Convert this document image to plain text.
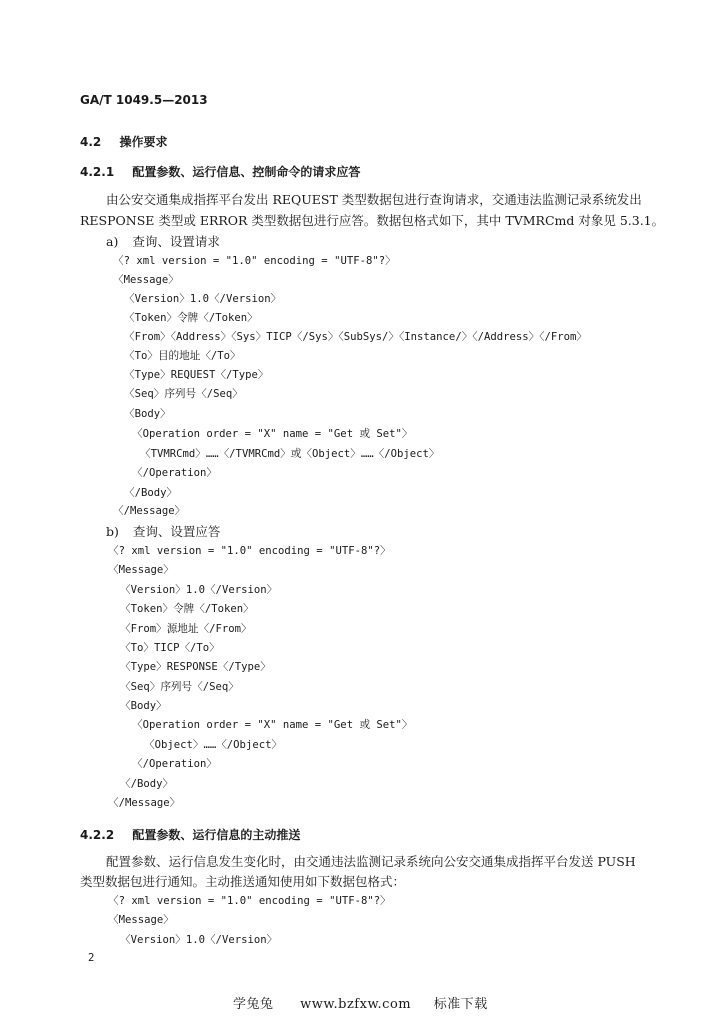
GA/T 1049.5—2013
4.2 操作要求
4.2.1 配置参数、运行信息、控制命令的请求应答
由公安交通集成指挥平台发出 REQUEST 类型数据包进行查询请求，交通违法监测记录系统发出
RESPONSE 类型或 ERROR 类型数据包进行应答。数据包格式如下，其中 TVMRCmd 对象见 5.3.1。
a) 查询、设置请求
〈? xml version = "1.0" encoding = "UTF-8"?〉
〈Message〉
〈Version〉1.0〈/Version〉
〈Token〉令牌〈/Token〉
〈From〉〈Address〉〈Sys〉TICP〈/Sys〉〈SubSys/〉〈Instance/〉〈/Address〉〈/From〉
〈To〉目的地址〈/To〉
〈Type〉REQUEST〈/Type〉
〈Seq〉序列号〈/Seq〉
〈Body〉
〈Operation order = "X" name = "Get 或 Set"〉
〈TVMRCmd〉……〈/TVMRCmd〉或〈Object〉……〈/Object〉
〈/Operation〉
〈/Body〉
〈/Message〉
b) 查询、设置应答
〈? xml version = "1.0" encoding = "UTF-8"?〉
〈Message〉
〈Version〉1.0〈/Version〉
〈Token〉令牌〈/Token〉
〈From〉源地址〈/From〉
〈To〉TICP〈/To〉
〈Type〉RESPONSE〈/Type〉
〈Seq〉序列号〈/Seq〉
〈Body〉
〈Operation order = "X" name = "Get 或 Set"〉
〈Object〉……〈/Object〉
〈/Operation〉
〈/Body〉
〈/Message〉
4.2.2 配置参数、运行信息的主动推送
配置参数、运行信息发生变化时，由交通违法监测记录系统向公安交通集成指挥平台发送 PUSH
类型数据包进行通知。主动推送通知使用如下数据包格式：
〈? xml version = "1.0" encoding = "UTF-8"?〉
〈Message〉
〈Version〉1.0〈/Version〉
2
学兔兔 www.bzfxw.com 标准下载
